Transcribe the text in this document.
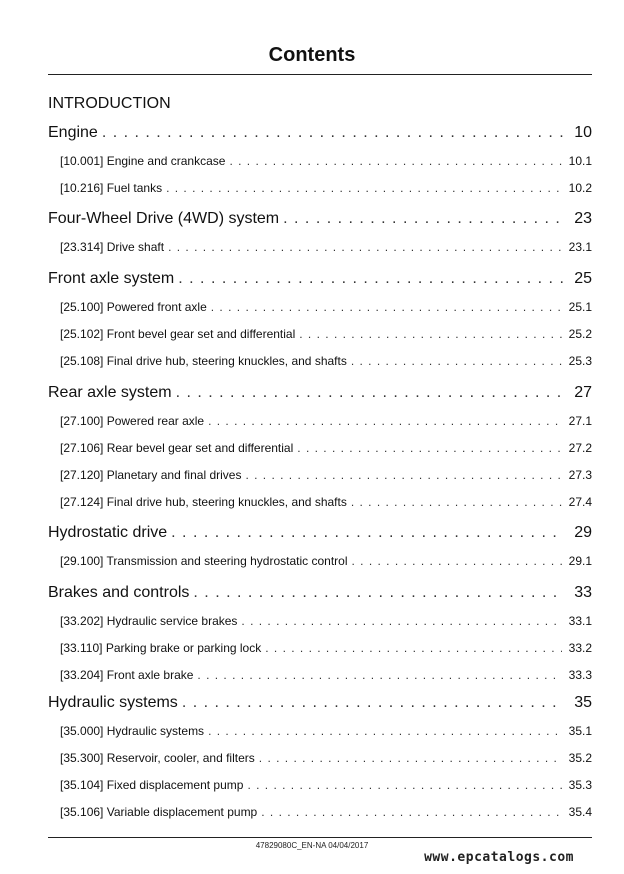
Contents
INTRODUCTION
Engine . . .	10
[10.001] Engine and crankcase . . .	10.1
[10.216] Fuel tanks . . .	10.2
Four-Wheel Drive (4WD) system . . .	23
[23.314] Drive shaft . . .	23.1
Front axle system . . .	25
[25.100] Powered front axle . . .	25.1
[25.102] Front bevel gear set and differential . . .	25.2
[25.108] Final drive hub, steering knuckles, and shafts . . .	25.3
Rear axle system . . .	27
[27.100] Powered rear axle . . .	27.1
[27.106] Rear bevel gear set and differential . . .	27.2
[27.120] Planetary and final drives . . .	27.3
[27.124] Final drive hub, steering knuckles, and shafts . . .	27.4
Hydrostatic drive . . .	29
[29.100] Transmission and steering hydrostatic control . . .	29.1
Brakes and controls . . .	33
[33.202] Hydraulic service brakes . . .	33.1
[33.110] Parking brake or parking lock . . .	33.2
[33.204] Front axle brake . . .	33.3
Hydraulic systems . . .	35
[35.000] Hydraulic systems . . .	35.1
[35.300] Reservoir, cooler, and filters . . .	35.2
[35.104] Fixed displacement pump . . .	35.3
[35.106] Variable displacement pump . . .	35.4
47829080C_EN-NA 04/04/2017
www.epcatalogs.com
